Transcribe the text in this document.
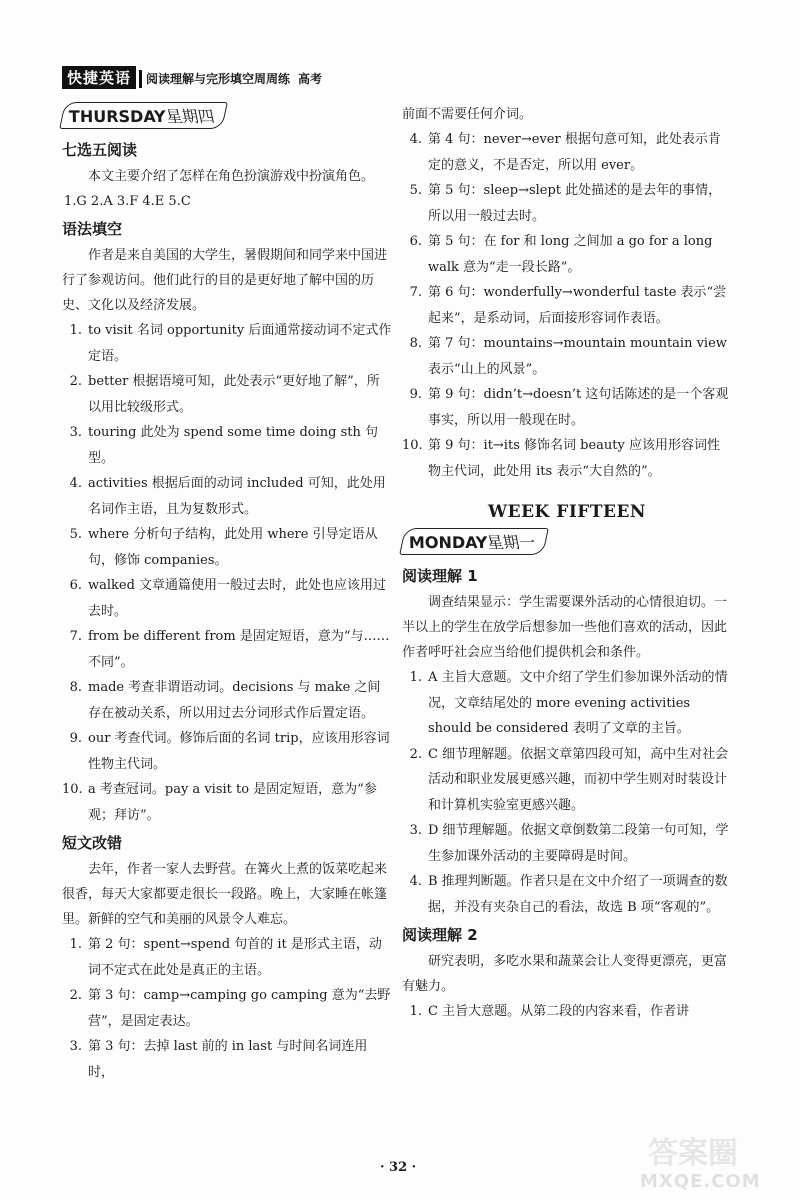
快捷英语 阅读理解与完形填空周周练 高考
THURSDAY星期四
七选五阅读

本文主要介绍了怎样在角色扮演游戏中扮演角色。

1.G 2.A 3.F 4.E 5.C

语法填空

作者是来自美国的大学生，暑假期间和同学来中国进行了参观访问。他们此行的目的是更好地了解中国的历史、文化以及经济发展。

1. to visit 名词 opportunity 后面通常接动词不定式作定语。
2. better 根据语境可知，此处表示“更好地了解”，所以用比较级形式。
3. touring 此处为 spend some time doing sth 句型。
4. activities 根据后面的动词 included 可知，此处用名词作主语，且为复数形式。
5. where 分析句子结构，此处用 where 引导定语从句，修饰 companies。
6. walked 文章通篇使用一般过去时，此处也应该用过去时。
7. from be different from 是固定短语，意为“与……不同”。
8. made 考查非谓语动词。decisions 与 make 之间存在被动关系，所以用过去分词形式作后置定语。
9. our 考查代词。修饰后面的名词 trip，应该用形容词性物主代词。
10. a 考查冠词。pay a visit to 是固定短语，意为“参观；拜访”。
短文改错

去年，作者一家人去野营。在篝火上煮的饭菜吃起来很香，每天大家都要走很长一段路。晚上，大家睡在帐篷里。新鲜的空气和美丽的风景令人难忘。

1. 第 2 句：spent→spend 句首的 it 是形式主语，动词不定式在此处是真正的主语。
2. 第 3 句：camp→camping go camping 意为“去野营”，是固定表达。
3. 第 3 句：去掉 last 前的 in last 与时间名词连用时，

前面不需要任何介词。

4. 第 4 句：never→ever 根据句意可知，此处表示肯定的意义，不是否定，所以用 ever。
5. 第 5 句：sleep→slept 此处描述的是去年的事情，所以用一般过去时。
6. 第 5 句：在 for 和 long 之间加 a go for a long walk 意为“走一段长路”。
7. 第 6 句：wonderfully→wonderful taste 表示“尝起来”，是系动词，后面接形容词作表语。
8. 第 7 句：mountains→mountain mountain view 表示“山上的风景”。
9. 第 9 句：didn’t→doesn’t 这句话陈述的是一个客观事实，所以用一般现在时。
10. 第 9 句：it→its 修饰名词 beauty 应该用形容词性物主代词，此处用 its 表示“大自然的”。
WEEK FIFTEEN
MONDAY星期一
阅读理解 1

调查结果显示：学生需要课外活动的心情很迫切。一半以上的学生在放学后想参加一些他们喜欢的活动，因此作者呼吁社会应当给他们提供机会和条件。

1. A 主旨大意题。文中介绍了学生们参加课外活动的情况，文章结尾处的 more evening activities should be considered 表明了文章的主旨。
2. C 细节理解题。依据文章第四段可知，高中生对社会活动和职业发展更感兴趣，而初中学生则对时装设计和计算机实验室更感兴趣。
3. D 细节理解题。依据文章倒数第二段第一句可知，学生参加课外活动的主要障碍是时间。
4. B 推理判断题。作者只是在文中介绍了一项调查的数据，并没有夹杂自己的看法，故选 B 项“客观的”。
阅读理解 2

研究表明，多吃水果和蔬菜会让人变得更漂亮，更富有魅力。

1. C 主旨大意题。从第二段的内容来看，作者讲
· 32 ·	答案圈
MXQE.COM
